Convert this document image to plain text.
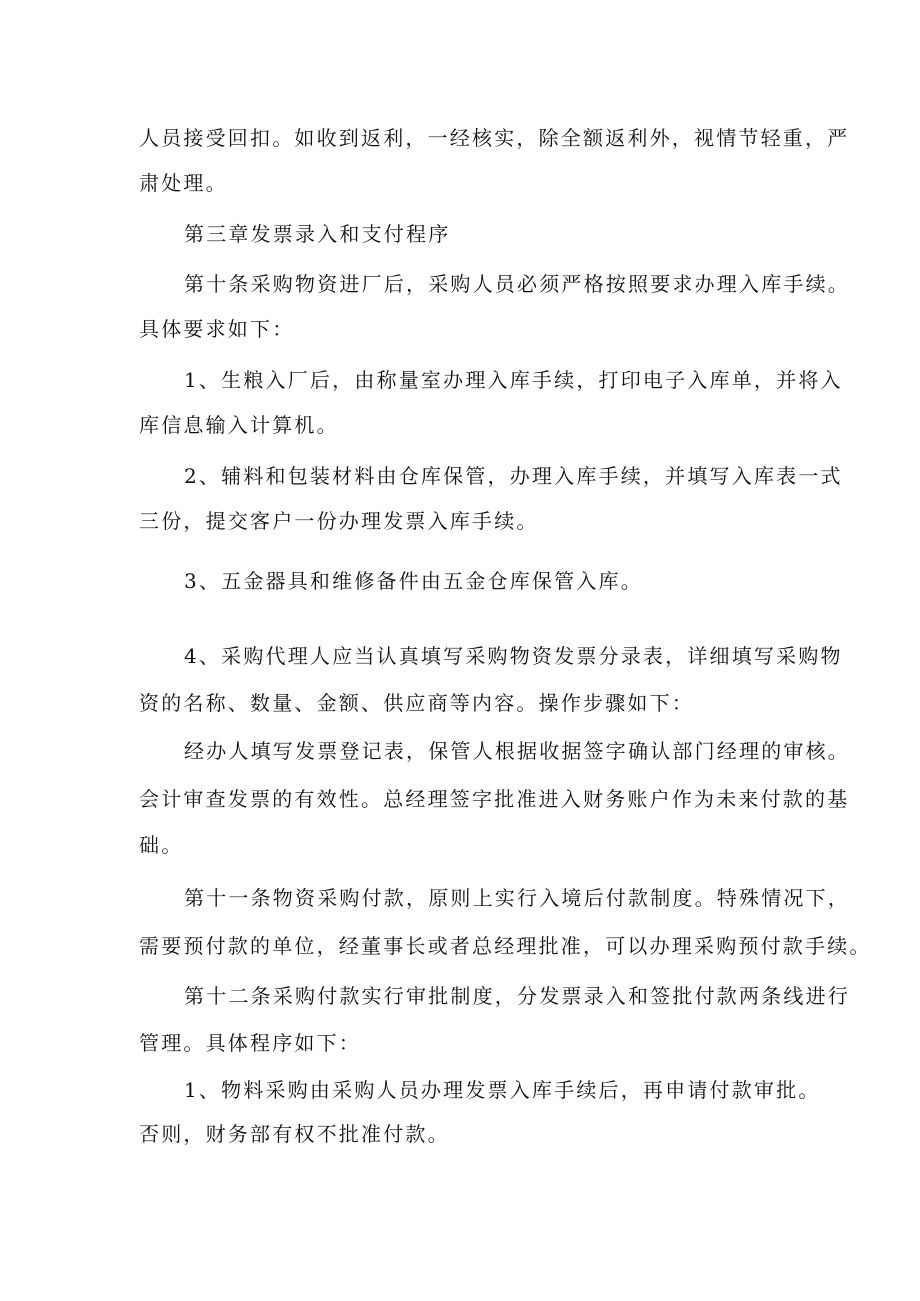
人员接受回扣。如收到返利，一经核实，除全额返利外，视情节轻重，严
肃处理。
第三章发票录入和支付程序
第十条采购物资进厂后，采购人员必须严格按照要求办理入库手续。
具体要求如下：
1、生粮入厂后，由称量室办理入库手续，打印电子入库单，并将入
库信息输入计算机。
2、辅料和包装材料由仓库保管，办理入库手续，并填写入库表一式
三份，提交客户一份办理发票入库手续。
3、五金器具和维修备件由五金仓库保管入库。
4、采购代理人应当认真填写采购物资发票分录表，详细填写采购物
资的名称、数量、金额、供应商等内容。操作步骤如下：
经办人填写发票登记表，保管人根据收据签字确认部门经理的审核。
会计审查发票的有效性。总经理签字批准进入财务账户作为未来付款的基
础。
第十一条物资采购付款，原则上实行入境后付款制度。特殊情况下，
需要预付款的单位，经董事长或者总经理批准，可以办理采购预付款手续。
第十二条采购付款实行审批制度，分发票录入和签批付款两条线进行
管理。具体程序如下：
1、物料采购由采购人员办理发票入库手续后，再申请付款审批。
否则，财务部有权不批准付款。
